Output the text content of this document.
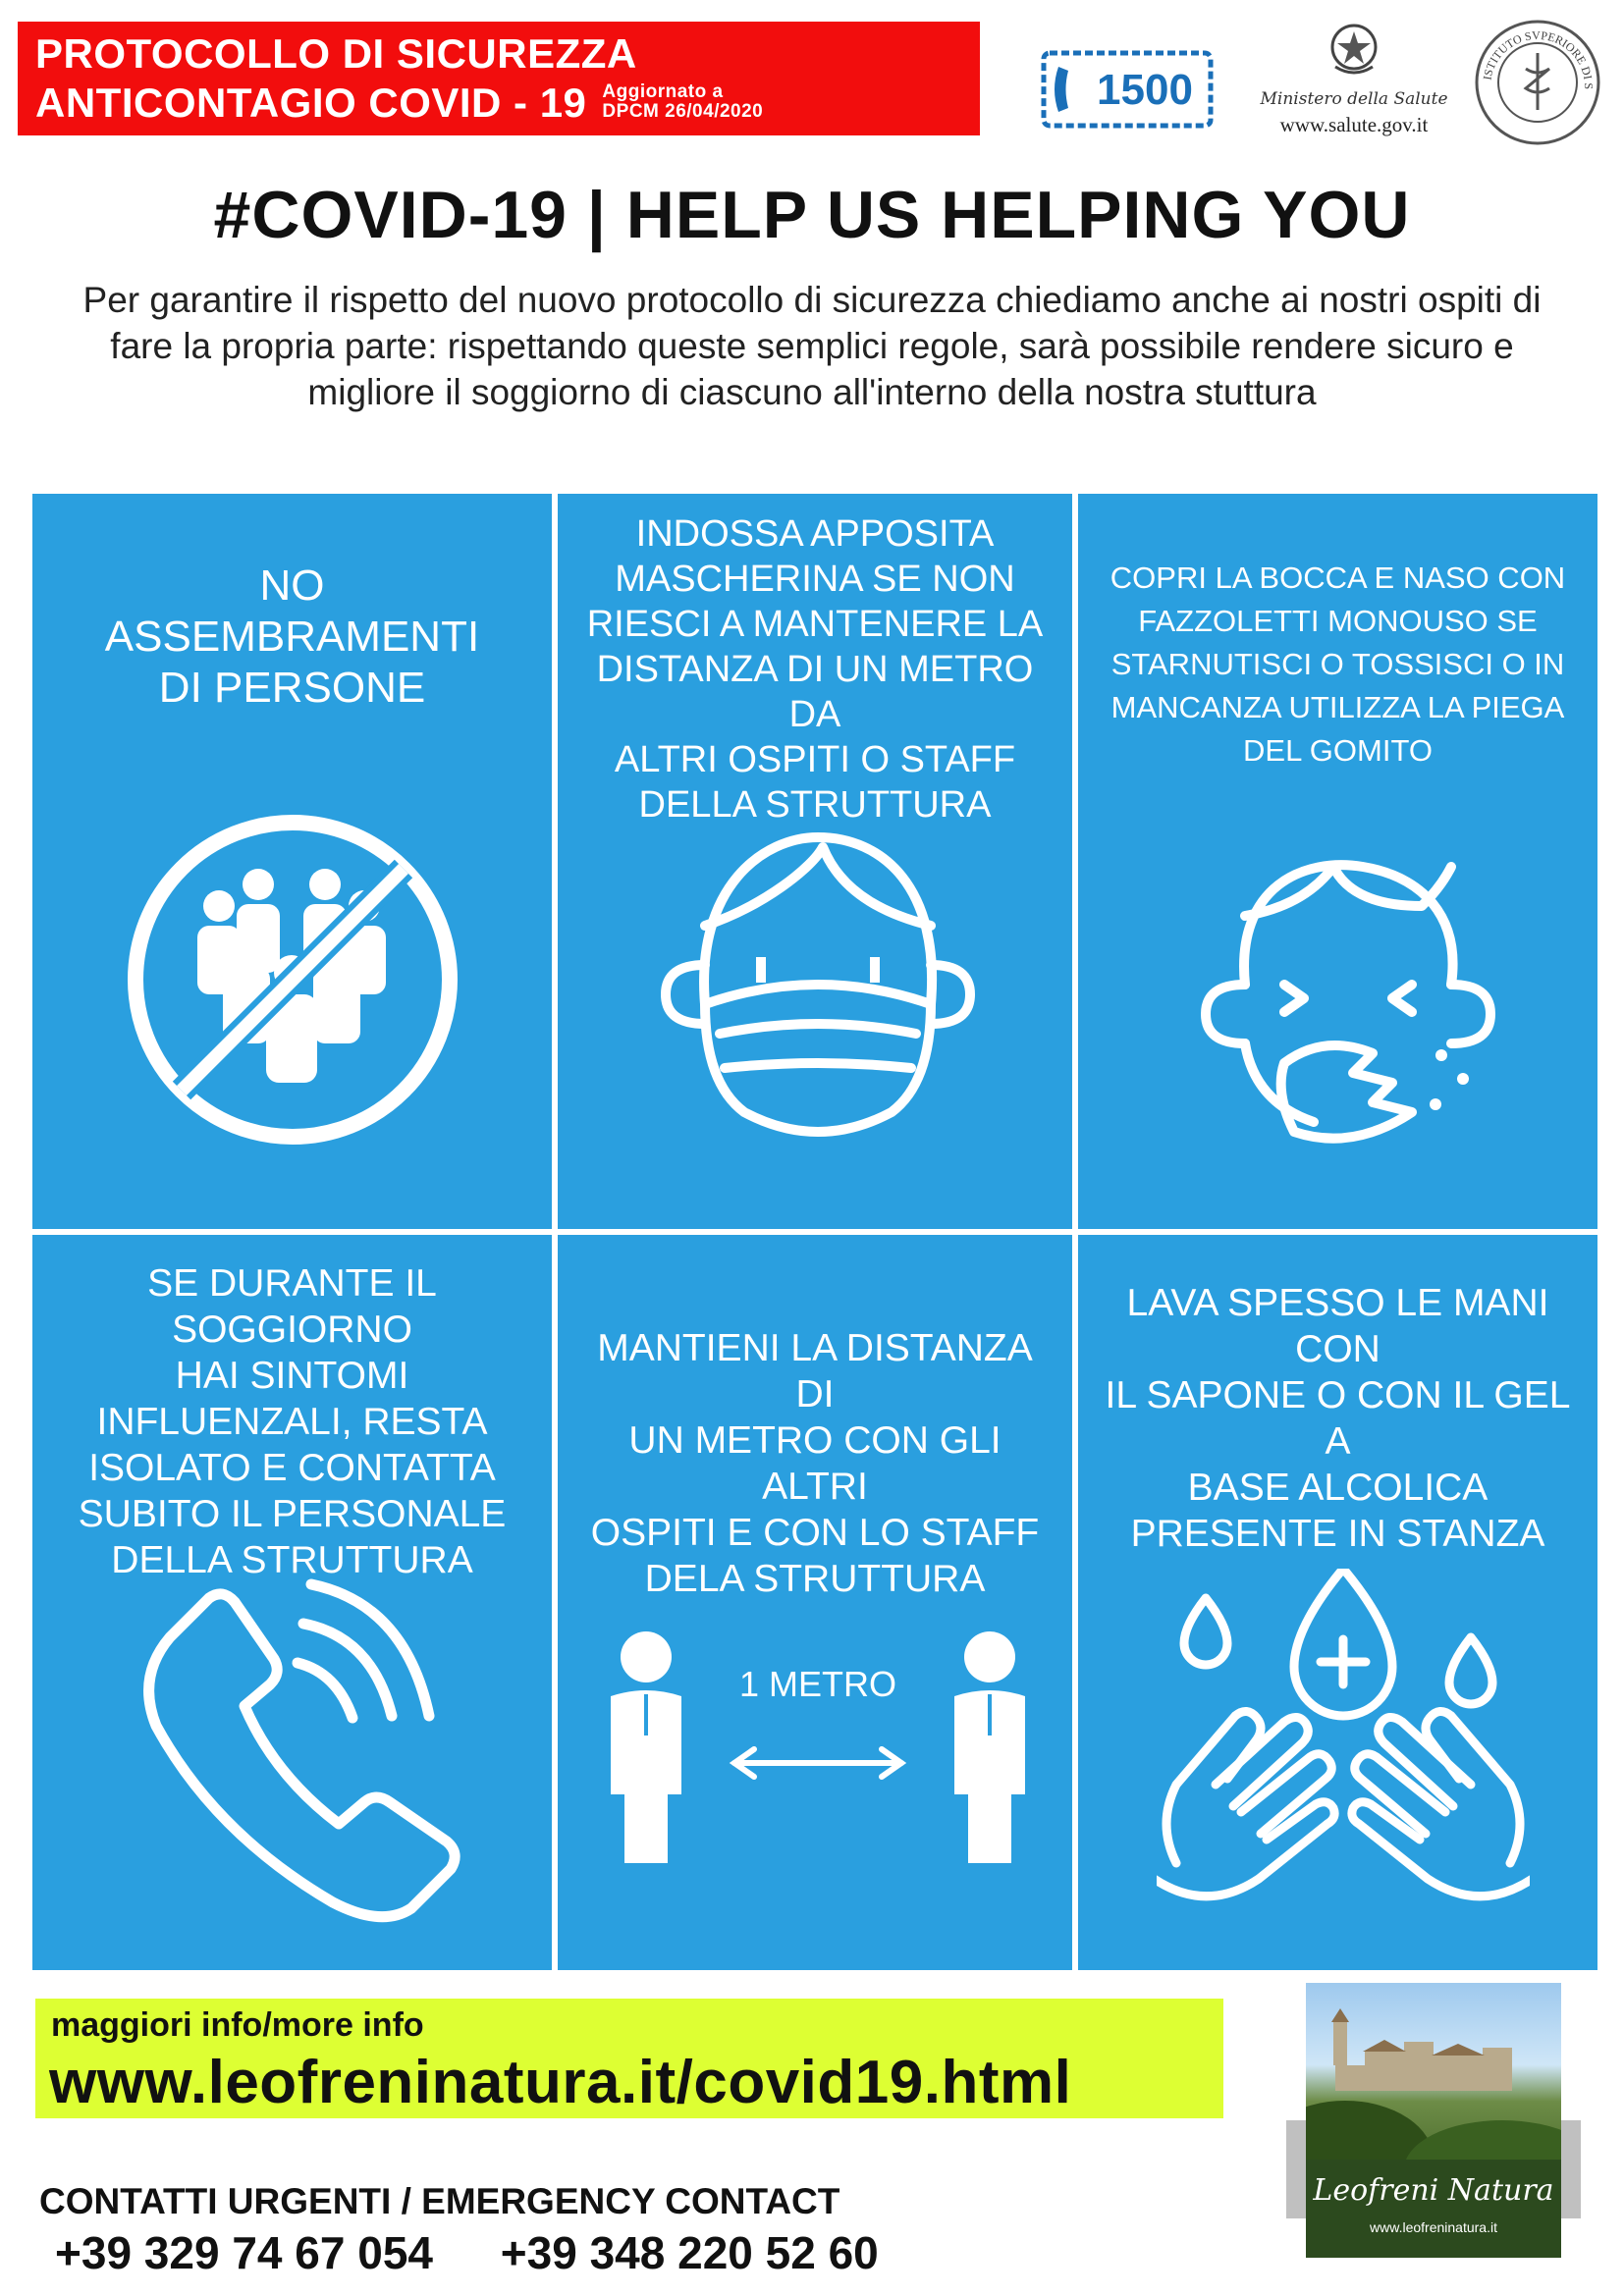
PROTOCOLLO DI SICUREZZA
ANTICONTAGIO COVID - 19 Aggiornato a
DPCM 26/04/2020	1500	Ministero della Salute
www.salute.gov.it
ISTITUTO SVPERIORE DI S
#COVID-19 | HELP US HELPING YOU
Per garantire il rispetto del nuovo protocollo di sicurezza chiediamo anche ai nostri ospiti di fare la propria parte: rispettando queste semplici regole, sarà possibile rendere sicuro e migliore il soggiorno di ciascuno all'interno della nostra stuttura
NO
ASSEMBRAMENTI
DI PERSONE
INDOSSA APPOSITA
MASCHERINA SE NON
RIESCI A MANTENERE LA
DISTANZA DI UN METRO DA
ALTRI OSPITI O STAFF
DELLA STRUTTURA
COPRI LA BOCCA E NASO CON
FAZZOLETTI MONOUSO SE
STARNUTISCI O TOSSISCI O IN
MANCANZA UTILIZZA LA PIEGA
DEL GOMITO
SE DURANTE IL SOGGIORNO
HAI SINTOMI
INFLUENZALI, RESTA
ISOLATO E CONTATTA
SUBITO IL PERSONALE
DELLA STRUTTURA
MANTIENI LA DISTANZA DI
UN METRO CON GLI ALTRI
OSPITI E CON LO STAFF
DELA STRUTTURA
1 METRO
LAVA SPESSO LE MANI CON
IL SAPONE O CON IL GEL A
BASE ALCOLICA
PRESENTE IN STANZA
maggiori info/more info
www.leofreninatura.it/covid19.html
CONTATTI URGENTI / EMERGENCY CONTACT
+39 329 74 67 054 +39 348 220 52 60
Leofreni Natura
www.leofreninatura.it
